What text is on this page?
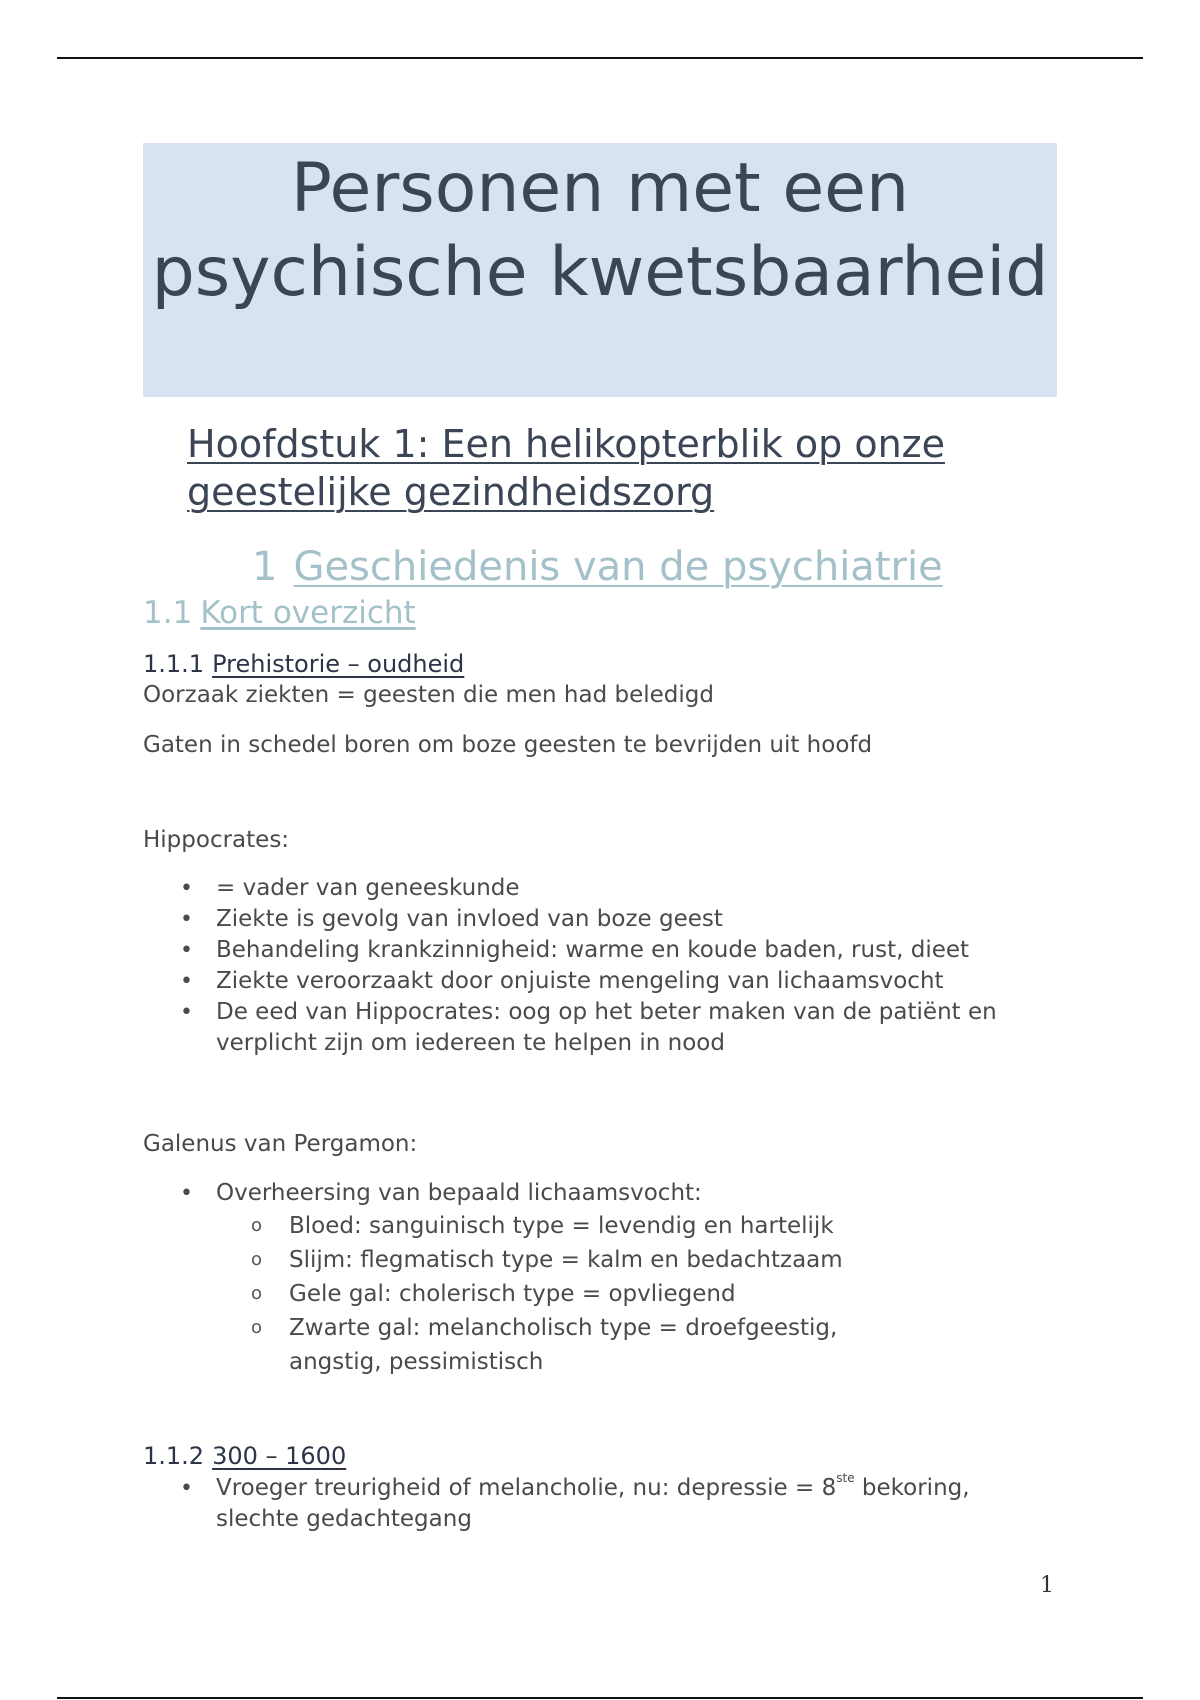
Personen met een psychische kwetsbaarheid
Hoofdstuk 1: Een helikopterblik op onze geestelijke gezindheidszorg
1 Geschiedenis van de psychiatrie
1.1 Kort overzicht
1.1.1 Prehistorie – oudheid
Oorzaak ziekten = geesten die men had beledigd
Gaten in schedel boren om boze geesten te bevrijden uit hoofd
Hippocrates:
• = vader van geneeskunde
• Ziekte is gevolg van invloed van boze geest
• Behandeling krankzinnigheid: warme en koude baden, rust, dieet
• Ziekte veroorzaakt door onjuiste mengeling van lichaamsvocht
• De eed van Hippocrates: oog op het beter maken van de patiënt en verplicht zijn om iedereen te helpen in nood
Galenus van Pergamon:
• Overheersing van bepaald lichaamsvocht:
o Bloed: sanguinisch type = levendig en hartelijk
o Slijm: flegmatisch type = kalm en bedachtzaam
o Gele gal: cholerisch type = opvliegend
o Zwarte gal: melancholisch type = droefgeestig, angstig, pessimistisch
1.1.2 300 – 1600
• Vroeger treurigheid of melancholie, nu: depressie = 8ste bekoring, slechte gedachtegang
1
